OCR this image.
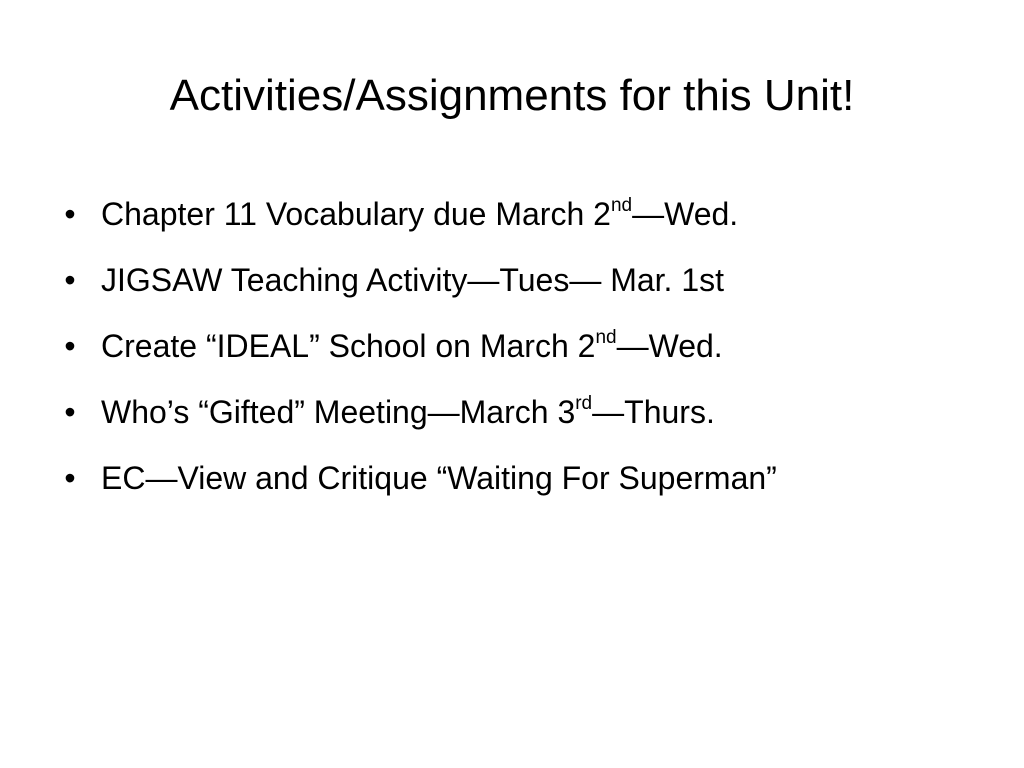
Activities/Assignments for this Unit!
• Chapter 11 Vocabulary due March 2nd—Wed.
• JIGSAW Teaching Activity—Tues— Mar. 1st
• Create “IDEAL” School on March 2nd—Wed.
• Who’s “Gifted” Meeting—March 3rd—Thurs.
• EC—View and Critique “Waiting For Superman”
